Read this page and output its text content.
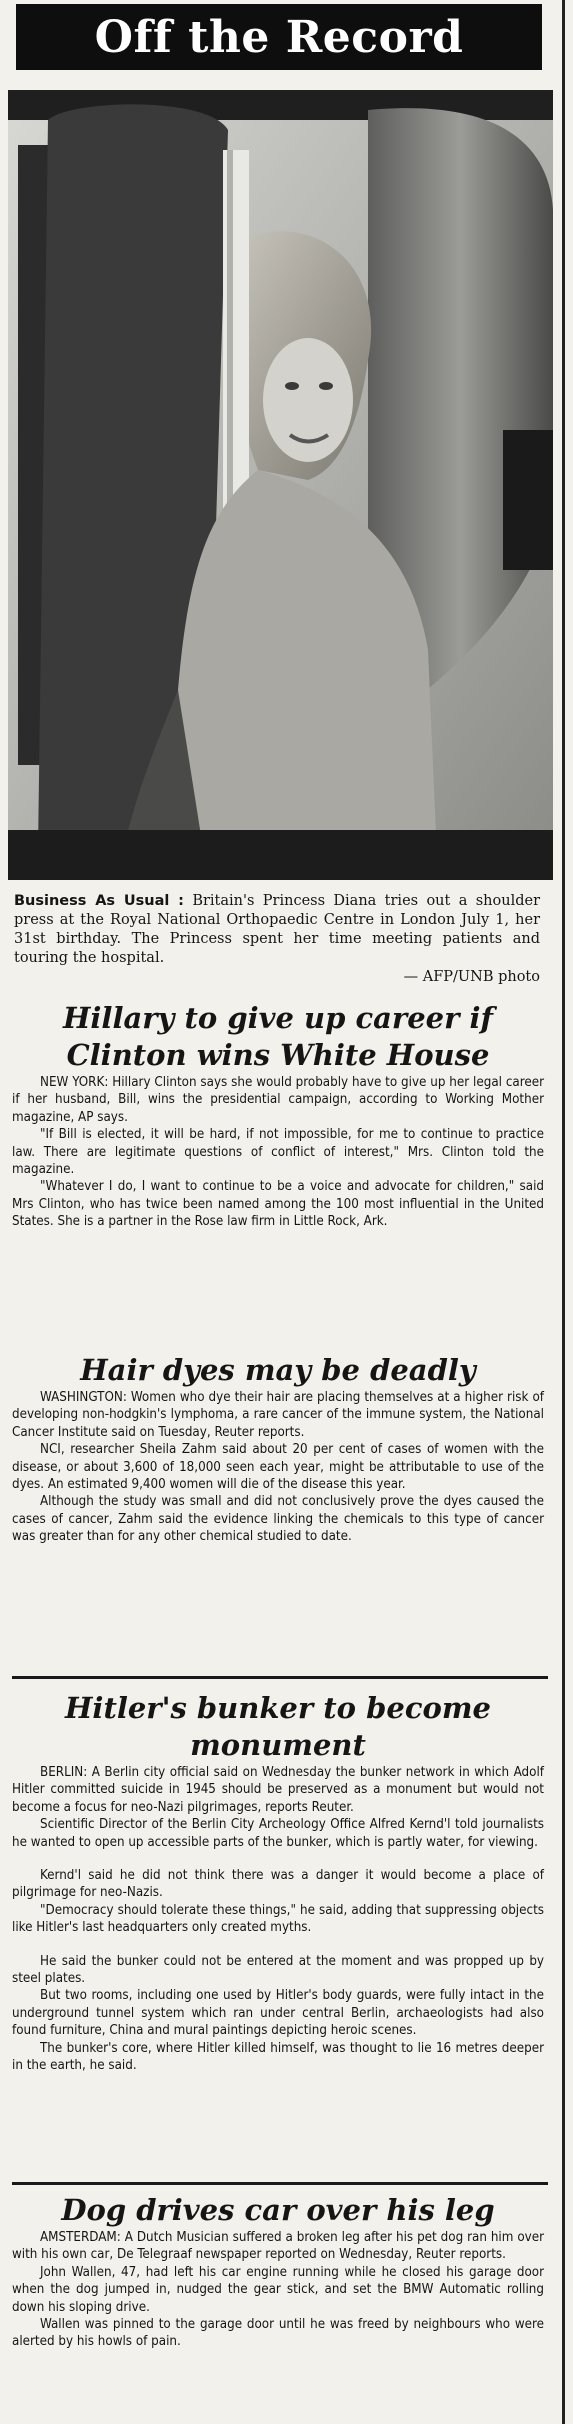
Off the Record

Business As Usual : Britain's Princess Diana tries out a shoulder press at the Royal National Orthopaedic Centre in London July 1, her 31st birthday. The Princess spent her time meeting patients and touring the hospital.
— AFP/UNB photo

Hillary to give up career if Clinton wins White House

NEW YORK: Hillary Clinton says she would probably have to give up her legal career if her husband, Bill, wins the presidential campaign, according to Working Mother magazine, AP says.

"If Bill is elected, it will be hard, if not impossible, for me to continue to practice law. There are legitimate questions of conflict of interest," Mrs. Clinton told the magazine.

"Whatever I do, I want to continue to be a voice and advocate for children," said Mrs Clinton, who has twice been named among the 100 most influential in the United States. She is a partner in the Rose law firm in Little Rock, Ark.

Hair dyes may be deadly

WASHINGTON: Women who dye their hair are placing themselves at a higher risk of developing non-hodgkin's lymphoma, a rare cancer of the immune system, the National Cancer Institute said on Tuesday, Reuter reports.

NCI, researcher Sheila Zahm said about 20 per cent of cases of women with the disease, or about 3,600 of 18,000 seen each year, might be attributable to use of the dyes. An estimated 9,400 women will die of the disease this year.

Although the study was small and did not conclusively prove the dyes caused the cases of cancer, Zahm said the evidence linking the chemicals to this type of cancer was greater than for any other chemical studied to date.

Hitler's bunker to become monument

BERLIN: A Berlin city official said on Wednesday the bunker network in which Adolf Hitler committed suicide in 1945 should be preserved as a monument but would not become a focus for neo-Nazi pilgrimages, reports Reuter.

Scientific Director of the Berlin City Archeology Office Alfred Kernd'l told journalists he wanted to open up accessible parts of the bunker, which is partly water, for viewing.

Kernd'l said he did not think there was a danger it would become a place of pilgrimage for neo-Nazis.

"Democracy should tolerate these things," he said, adding that suppressing objects like Hitler's last headquarters only created myths.

He said the bunker could not be entered at the moment and was propped up by steel plates.

But two rooms, including one used by Hitler's body guards, were fully intact in the underground tunnel system which ran under central Berlin, archaeologists had also found furniture, China and mural paintings depicting heroic scenes.

The bunker's core, where Hitler killed himself, was thought to lie 16 metres deeper in the earth, he said.

Dog drives car over his leg

AMSTERDAM: A Dutch Musician suffered a broken leg after his pet dog ran him over with his own car, De Telegraaf newspaper reported on Wednesday, Reuter reports.

John Wallen, 47, had left his car engine running while he closed his garage door when the dog jumped in, nudged the gear stick, and set the BMW Automatic rolling down his sloping drive.

Wallen was pinned to the garage door until he was freed by neighbours who were alerted by his howls of pain.
